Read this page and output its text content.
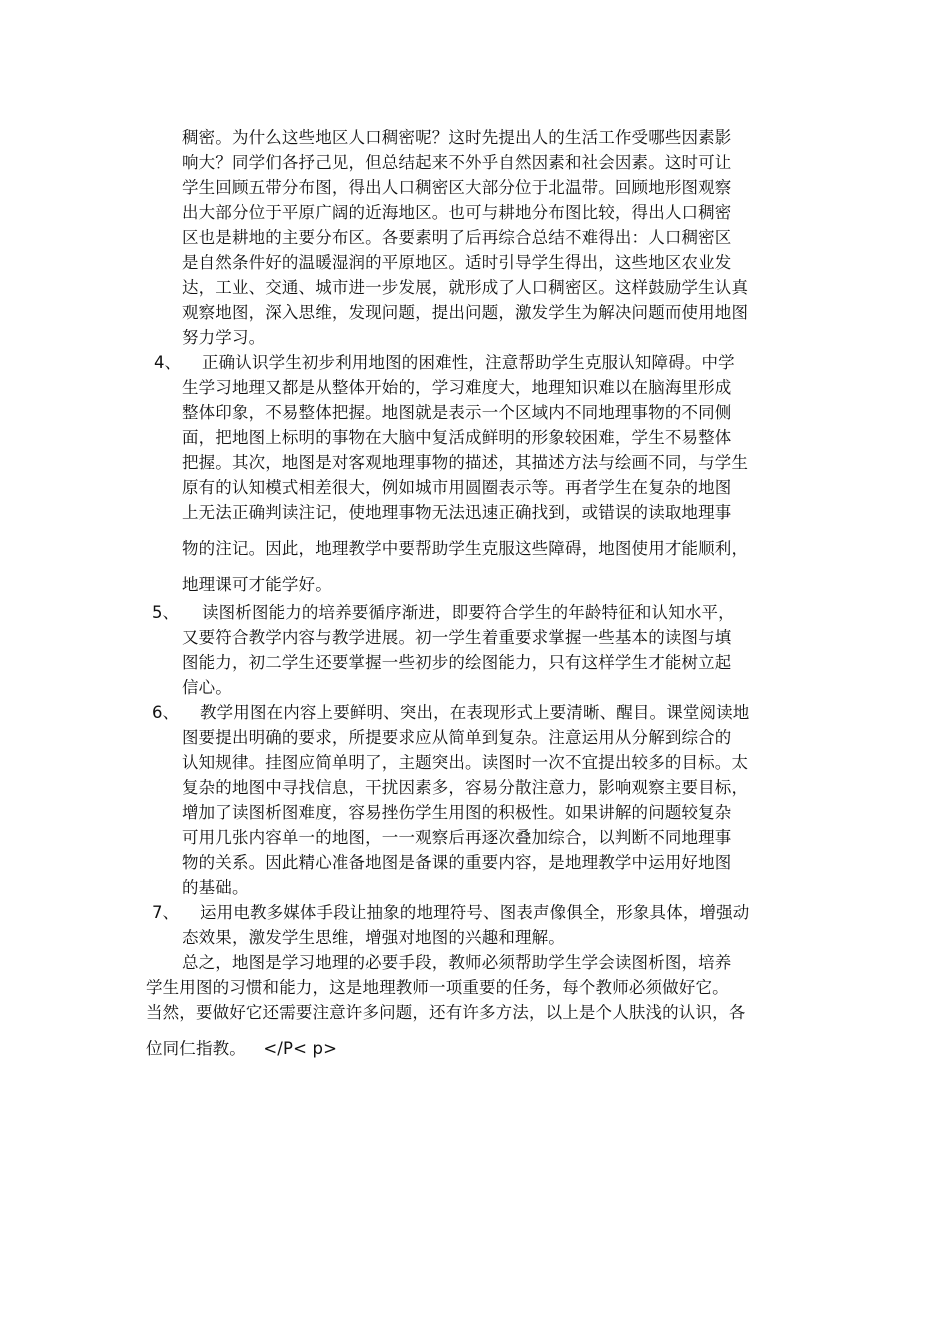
稠密。为什么这些地区人口稠密呢？这时先提出人的生活工作受哪些因素影
响大？同学们各抒己见，但总结起来不外乎自然因素和社会因素。这时可让
学生回顾五带分布图，得出人口稠密区大部分位于北温带。回顾地形图观察
出大部分位于平原广阔的近海地区。也可与耕地分布图比较，得出人口稠密
区也是耕地的主要分布区。各要素明了后再综合总结不难得出：人口稠密区
是自然条件好的温暖湿润的平原地区。适时引导学生得出，这些地区农业发
达，工业、交通、城市进一步发展，就形成了人口稠密区。这样鼓励学生认真
观察地图，深入思维，发现问题，提出问题，激发学生为解决问题而使用地图
努力学习。
4、 正确认识学生初步利用地图的困难性，注意帮助学生克服认知障碍。中学
生学习地理又都是从整体开始的，学习难度大，地理知识难以在脑海里形成
整体印象，不易整体把握。地图就是表示一个区域内不同地理事物的不同侧
面，把地图上标明的事物在大脑中复活成鲜明的形象较困难，学生不易整体
把握。其次，地图是对客观地理事物的描述，其描述方法与绘画不同，与学生
原有的认知模式相差很大，例如城市用圆圈表示等。再者学生在复杂的地图
上无法正确判读注记，使地理事物无法迅速正确找到，或错误的读取地理事
物的注记。因此，地理教学中要帮助学生克服这些障碍，地图使用才能顺利，
地理课可才能学好。
5、 读图析图能力的培养要循序渐进，即要符合学生的年龄特征和认知水平，
又要符合教学内容与教学进展。初一学生着重要求掌握一些基本的读图与填
图能力，初二学生还要掌握一些初步的绘图能力，只有这样学生才能树立起
信心。
6、 教学用图在内容上要鲜明、突出，在表现形式上要清晰、醒目。课堂阅读地
图要提出明确的要求，所提要求应从简单到复杂。注意运用从分解到综合的
认知规律。挂图应简单明了，主题突出。读图时一次不宜提出较多的目标。太
复杂的地图中寻找信息，干扰因素多，容易分散注意力，影响观察主要目标，
增加了读图析图难度，容易挫伤学生用图的积极性。如果讲解的问题较复杂
可用几张内容单一的地图，一一观察后再逐次叠加综合，以判断不同地理事
物的关系。因此精心准备地图是备课的重要内容，是地理教学中运用好地图
的基础。
7、 运用电教多媒体手段让抽象的地理符号、图表声像俱全，形象具体，增强动
态效果，激发学生思维，增强对地图的兴趣和理解。
总之，地图是学习地理的必要手段，教师必须帮助学生学会读图析图，培养
学生用图的习惯和能力，这是地理教师一项重要的任务，每个教师必须做好它。
当然，要做好它还需要注意许多问题，还有许多方法，以上是个人肤浅的认识，各
位同仁指教。 </P< p>
